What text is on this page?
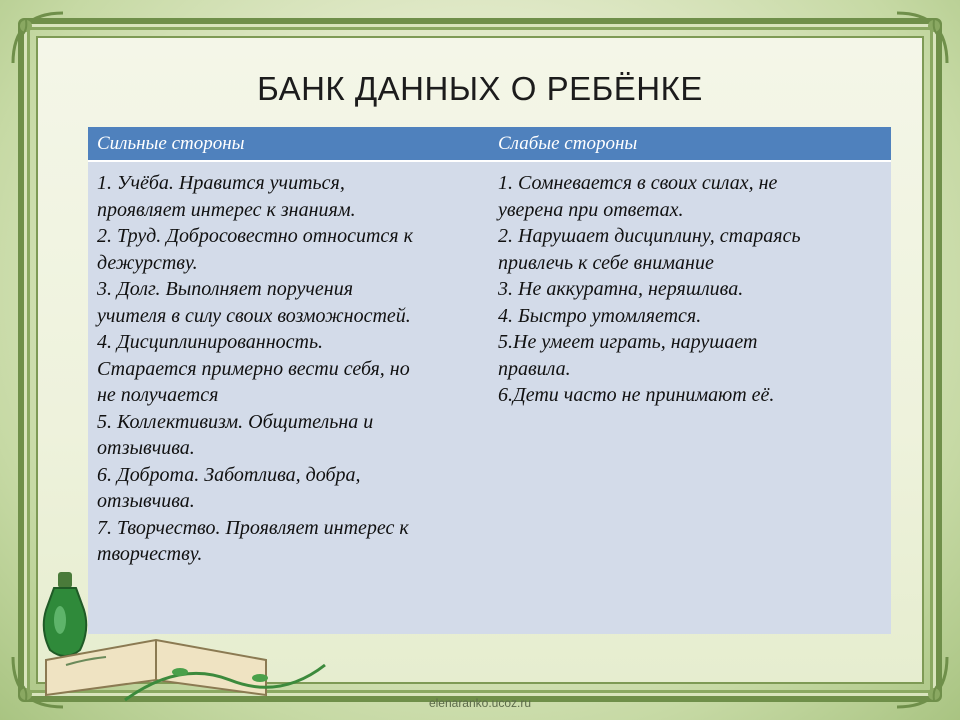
БАНК ДАННЫХ О РЕБЁНКЕ
Сильные стороны	Слабые стороны
1. Учёба. Нравится учиться,
проявляет интерес к знаниям.
2. Труд. Добросовестно относится к
дежурству.
3. Долг. Выполняет поручения
учителя в силу своих возможностей.
4. Дисциплинированность.
Старается примерно вести себя, но
не получается
5. Коллективизм. Общительна и
отзывчива.
6. Доброта. Заботлива, добра,
отзывчива.
7. Творчество. Проявляет интерес к
творчеству.
1. Сомневается в своих силах, не
уверена при ответах.
2. Нарушает дисциплину, стараясь
привлечь к себе внимание
3. Не аккуратна, неряшлива.
4. Быстро утомляется.
5.Не умеет играть, нарушает
правила.
6.Дети часто не принимают её.
elenaranko.ucoz.ru
